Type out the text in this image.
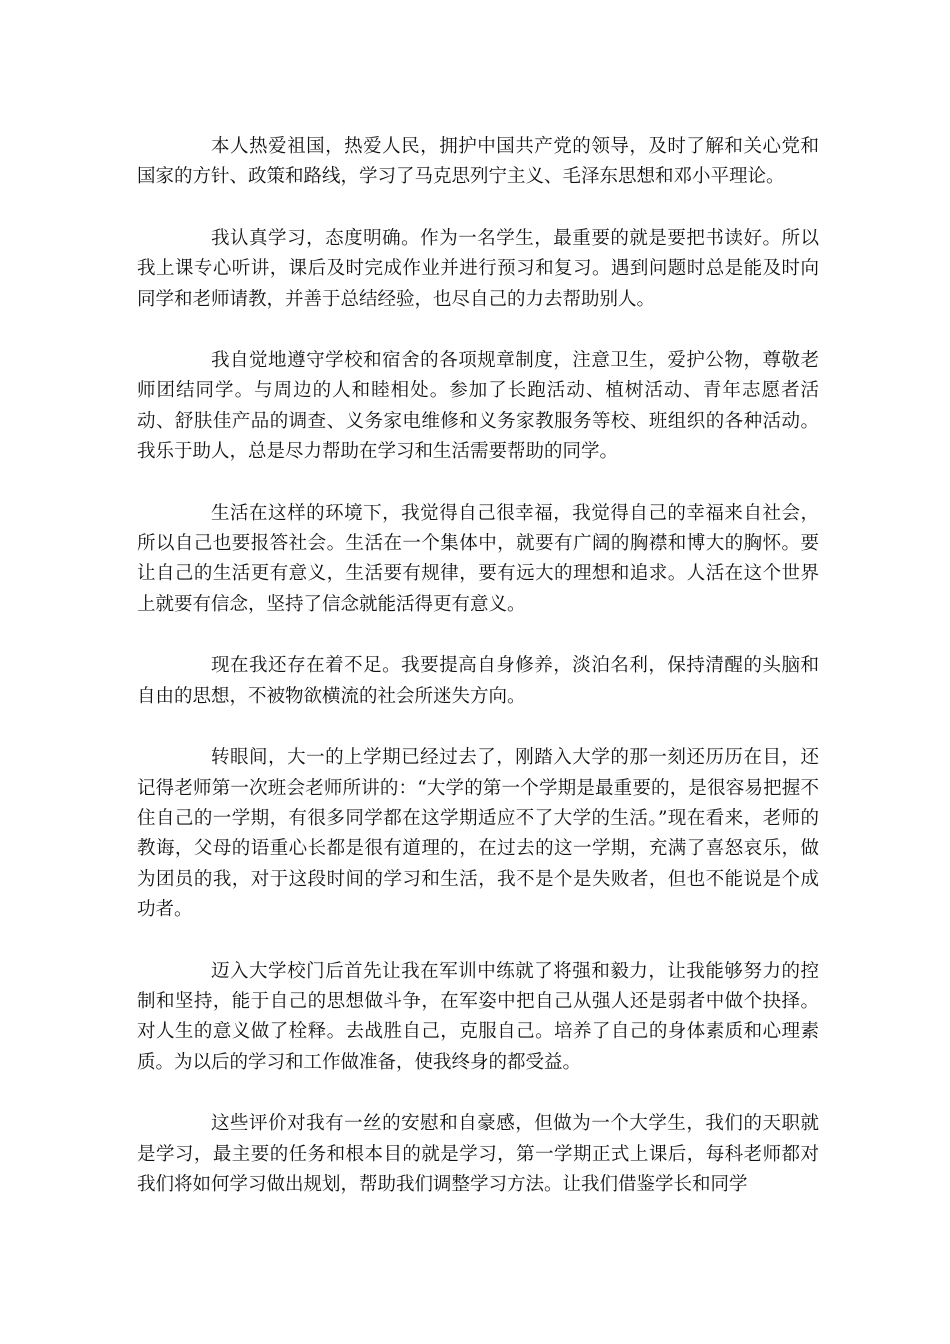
本人热爱祖国，热爱人民，拥护中国共产党的领导，及时了解和关心党和国家的方针、政策和路线，学习了马克思列宁主义、毛泽东思想和邓小平理论。

我认真学习，态度明确。作为一名学生，最重要的就是要把书读好。所以我上课专心听讲，课后及时完成作业并进行预习和复习。遇到问题时总是能及时向同学和老师请教，并善于总结经验，也尽自己的力去帮助别人。

我自觉地遵守学校和宿舍的各项规章制度，注意卫生，爱护公物，尊敬老师团结同学。与周边的人和睦相处。参加了长跑活动、植树活动、青年志愿者活动、舒肤佳产品的调查、义务家电维修和义务家教服务等校、班组织的各种活动。我乐于助人，总是尽力帮助在学习和生活需要帮助的同学。

生活在这样的环境下，我觉得自己很幸福，我觉得自己的幸福来自社会，所以自己也要报答社会。生活在一个集体中，就要有广阔的胸襟和博大的胸怀。要让自己的生活更有意义，生活要有规律，要有远大的理想和追求。人活在这个世界上就要有信念，坚持了信念就能活得更有意义。

现在我还存在着不足。我要提高自身修养，淡泊名利，保持清醒的头脑和自由的思想，不被物欲横流的社会所迷失方向。

转眼间，大一的上学期已经过去了，刚踏入大学的那一刻还历历在目，还记得老师第一次班会老师所讲的：“大学的第一个学期是最重要的，是很容易把握不住自己的一学期，有很多同学都在这学期适应不了大学的生活。”现在看来，老师的教诲，父母的语重心长都是很有道理的，在过去的这一学期，充满了喜怒哀乐，做为团员的我，对于这段时间的学习和生活，我不是个是失败者，但也不能说是个成功者。

迈入大学校门后首先让我在军训中练就了将强和毅力，让我能够努力的控制和坚持，能于自己的思想做斗争，在军姿中把自己从强人还是弱者中做个抉择。对人生的意义做了栓释。去战胜自己，克服自己。培养了自己的身体素质和心理素质。为以后的学习和工作做准备，使我终身的都受益。

这些评价对我有一丝的安慰和自豪感，但做为一个大学生，我们的天职就是学习，最主要的任务和根本目的就是学习，第一学期正式上课后，每科老师都对我们将如何学习做出规划，帮助我们调整学习方法。让我们借鉴学长和同学
